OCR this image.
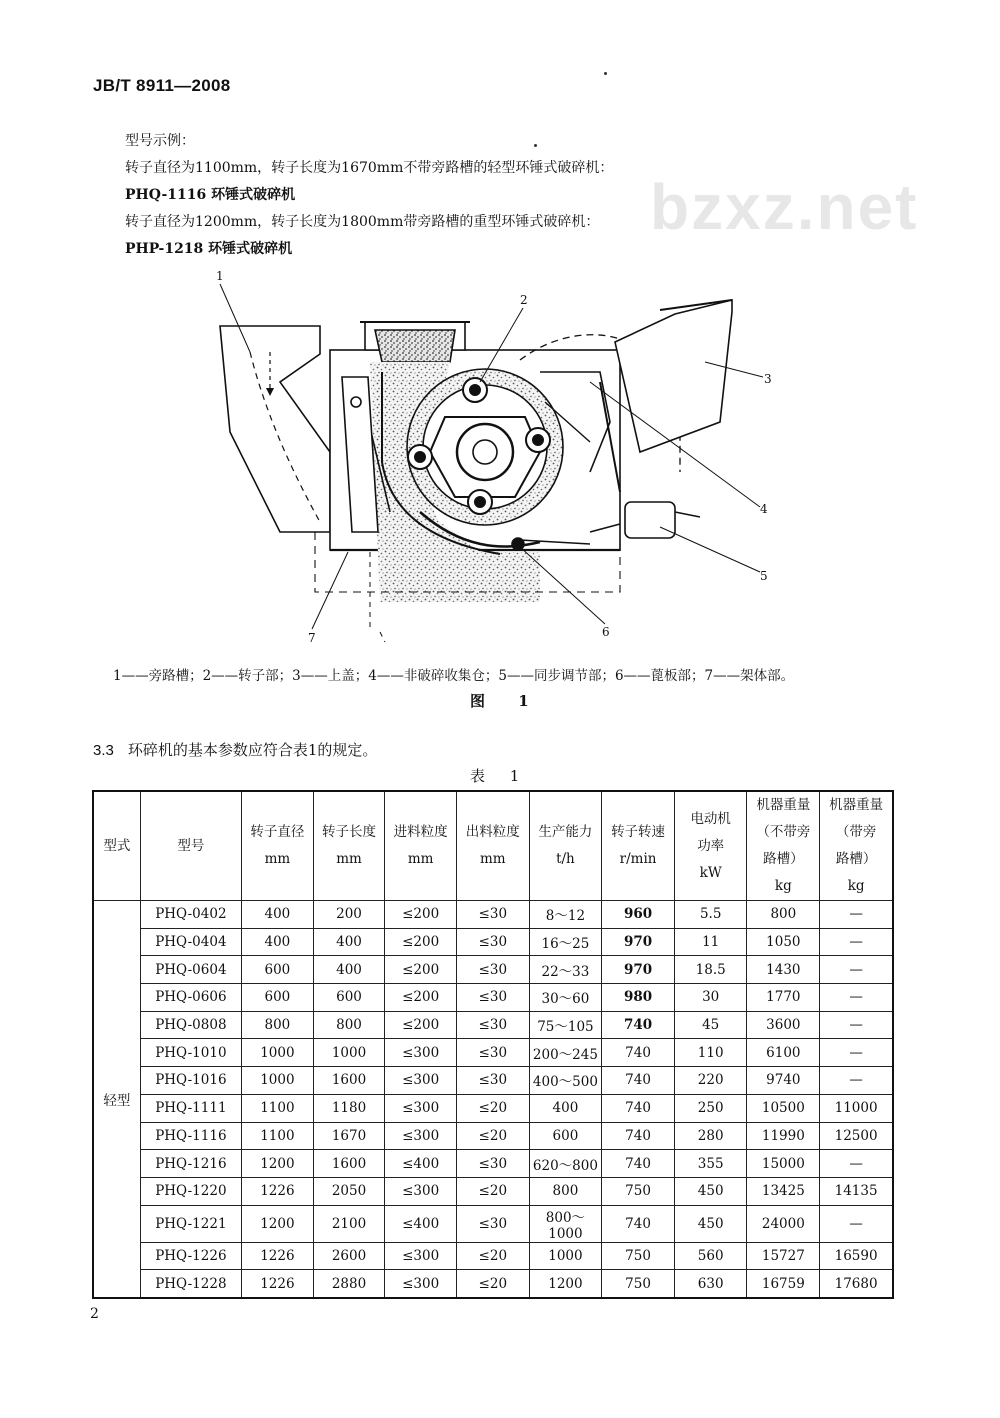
JB/T 8911—2008
型号示例：
转子直径为1100mm，转子长度为1670mm不带旁路槽的轻型环锤式破碎机：
PHQ-1116 环锤式破碎机
转子直径为1200mm，转子长度为1800mm带旁路槽的重型环锤式破碎机：
PHP-1218 环锤式破碎机
bzxz.net
1
2
3
4
5
6
7
1——旁路槽；2——转子部；3——上盖；4——非破碎收集仓；5——同步调节部；6——蓖板部；7——架体部。
图 1
3.3 环碎机的基本参数应符合表1的规定。
表 1
型式	型号	转子直径
mm	转子长度
mm	进料粒度
mm	出料粒度
mm	生产能力
t/h	转子转速
r/min	电动机
功率
kW	机器重量
（不带旁
路槽）
kg	机器重量
（带旁
路槽）
kg
轻型	PHQ-0402	400	200	≤200	≤30	8～12	960	5.5	800	—
	PHQ-0404	400	400	≤200	≤30	16～25	970	11	1050	—
	PHQ-0604	600	400	≤200	≤30	22～33	970	18.5	1430	—
	PHQ-0606	600	600	≤200	≤30	30～60	980	30	1770	—
	PHQ-0808	800	800	≤200	≤30	75～105	740	45	3600	—
	PHQ-1010	1000	1000	≤300	≤30	200～245	740	110	6100	—
	PHQ-1016	1000	1600	≤300	≤30	400～500	740	220	9740	—
	PHQ-1111	1100	1180	≤300	≤20	400	740	250	10500	11000
	PHQ-1116	1100	1670	≤300	≤20	600	740	280	11990	12500
	PHQ-1216	1200	1600	≤400	≤30	620～800	740	355	15000	—
	PHQ-1220	1226	2050	≤300	≤20	800	750	450	13425	14135
	PHQ-1221	1200	2100	≤400	≤30	800～1000	740	450	24000	—
	PHQ-1226	1226	2600	≤300	≤20	1000	750	560	15727	16590
	PHQ-1228	1226	2880	≤300	≤20	1200	750	630	16759	17680
2
